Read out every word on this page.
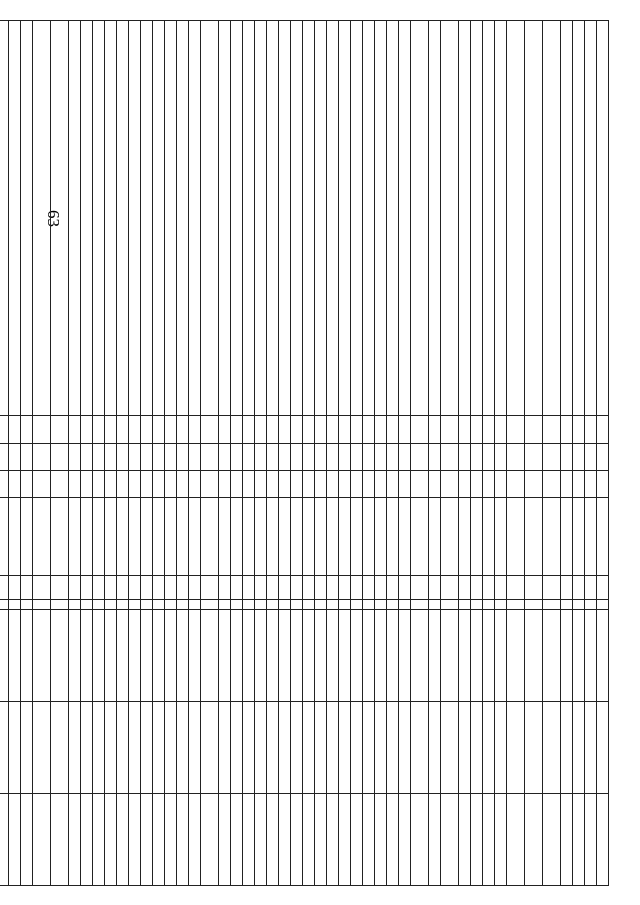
63
